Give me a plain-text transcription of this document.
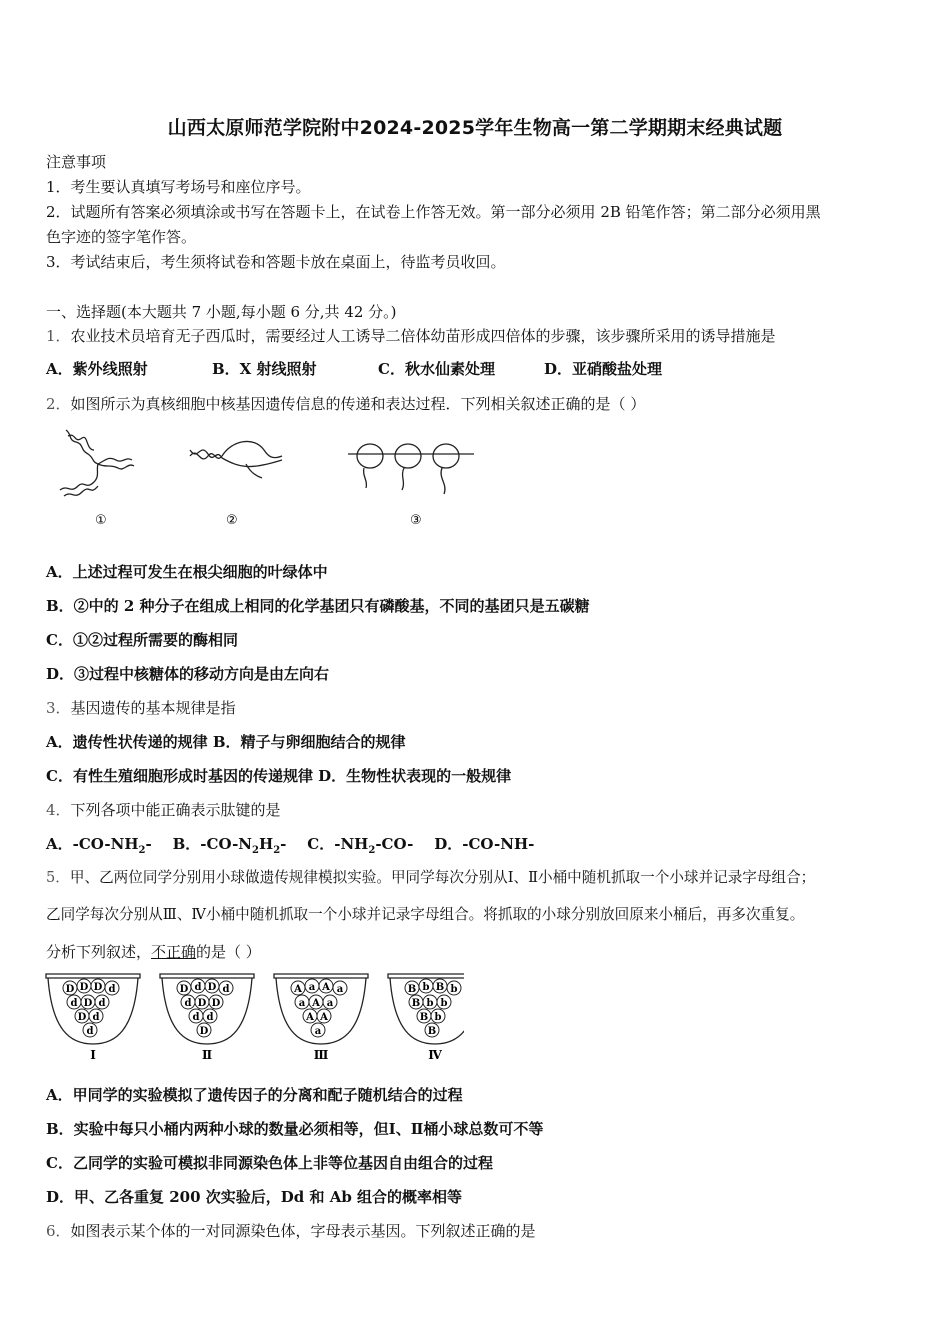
山西太原师范学院附中2024-2025学年生物高一第二学期期末经典试题
注意事项
1．考生要认真填写考场号和座位序号。
2．试题所有答案必须填涂或书写在答题卡上，在试卷上作答无效。第一部分必须用 2B 铅笔作答；第二部分必须用黑
色字迹的签字笔作答。
3．考试结束后，考生须将试卷和答题卡放在桌面上，待监考员收回。
一、选择题(本大题共 7 小题,每小题 6 分,共 42 分。)
1．农业技术员培育无子西瓜时，需要经过人工诱导二倍体幼苗形成四倍体的步骤，该步骤所采用的诱导措施是
A．紫外线照射	B．X 射线照射	C．秋水仙素处理	D．亚硝酸盐处理
2．如图所示为真核细胞中核基因遗传信息的传递和表达过程．下列相关叙述正确的是（ ）
①	②	③
A．上述过程可发生在根尖细胞的叶绿体中
B．②中的 2 种分子在组成上相同的化学基团只有磷酸基，不同的基团只是五碳糖
C．①②过程所需要的酶相同
D．③过程中核糖体的移动方向是由左向右
3．基因遗传的基本规律是指
A．遗传性状传递的规律 B．精子与卵细胞结合的规律
C．有性生殖细胞形成时基因的传递规律 D．生物性状表现的一般规律
4．下列各项中能正确表示肽键的是
A．$-CO-NH_2-$ B．$-CO-N_2H_2-$ C．$-NH_2-CO-$ D．-CO-NH-
5．甲、乙两位同学分别用小球做遗传规律模拟实验。甲同学每次分别从Ⅰ、Ⅱ小桶中随机抓取一个小球并记录字母组合；
乙同学每次分别从Ⅲ、Ⅳ小桶中随机抓取一个小球并记录字母组合。将抓取的小球分别放回原来小桶后，再多次重复。
分析下列叙述，不正确的是（ ）
D D D d
d D d
D d
d
Ⅰ
D d D d
d D D
d d
D
Ⅱ
A a A a
a A a
A A
a
Ⅲ
B b B b
B b b
B b
B
Ⅳ
A．甲同学的实验模拟了遗传因子的分离和配子随机结合的过程
B．实验中每只小桶内两种小球的数量必须相等，但Ⅰ、Ⅱ桶小球总数可不等
C．乙同学的实验可模拟非同源染色体上非等位基因自由组合的过程
D．甲、乙各重复 200 次实验后，Dd 和 Ab 组合的概率相等
6．如图表示某个体的一对同源染色体，字母表示基因。下列叙述正确的是
